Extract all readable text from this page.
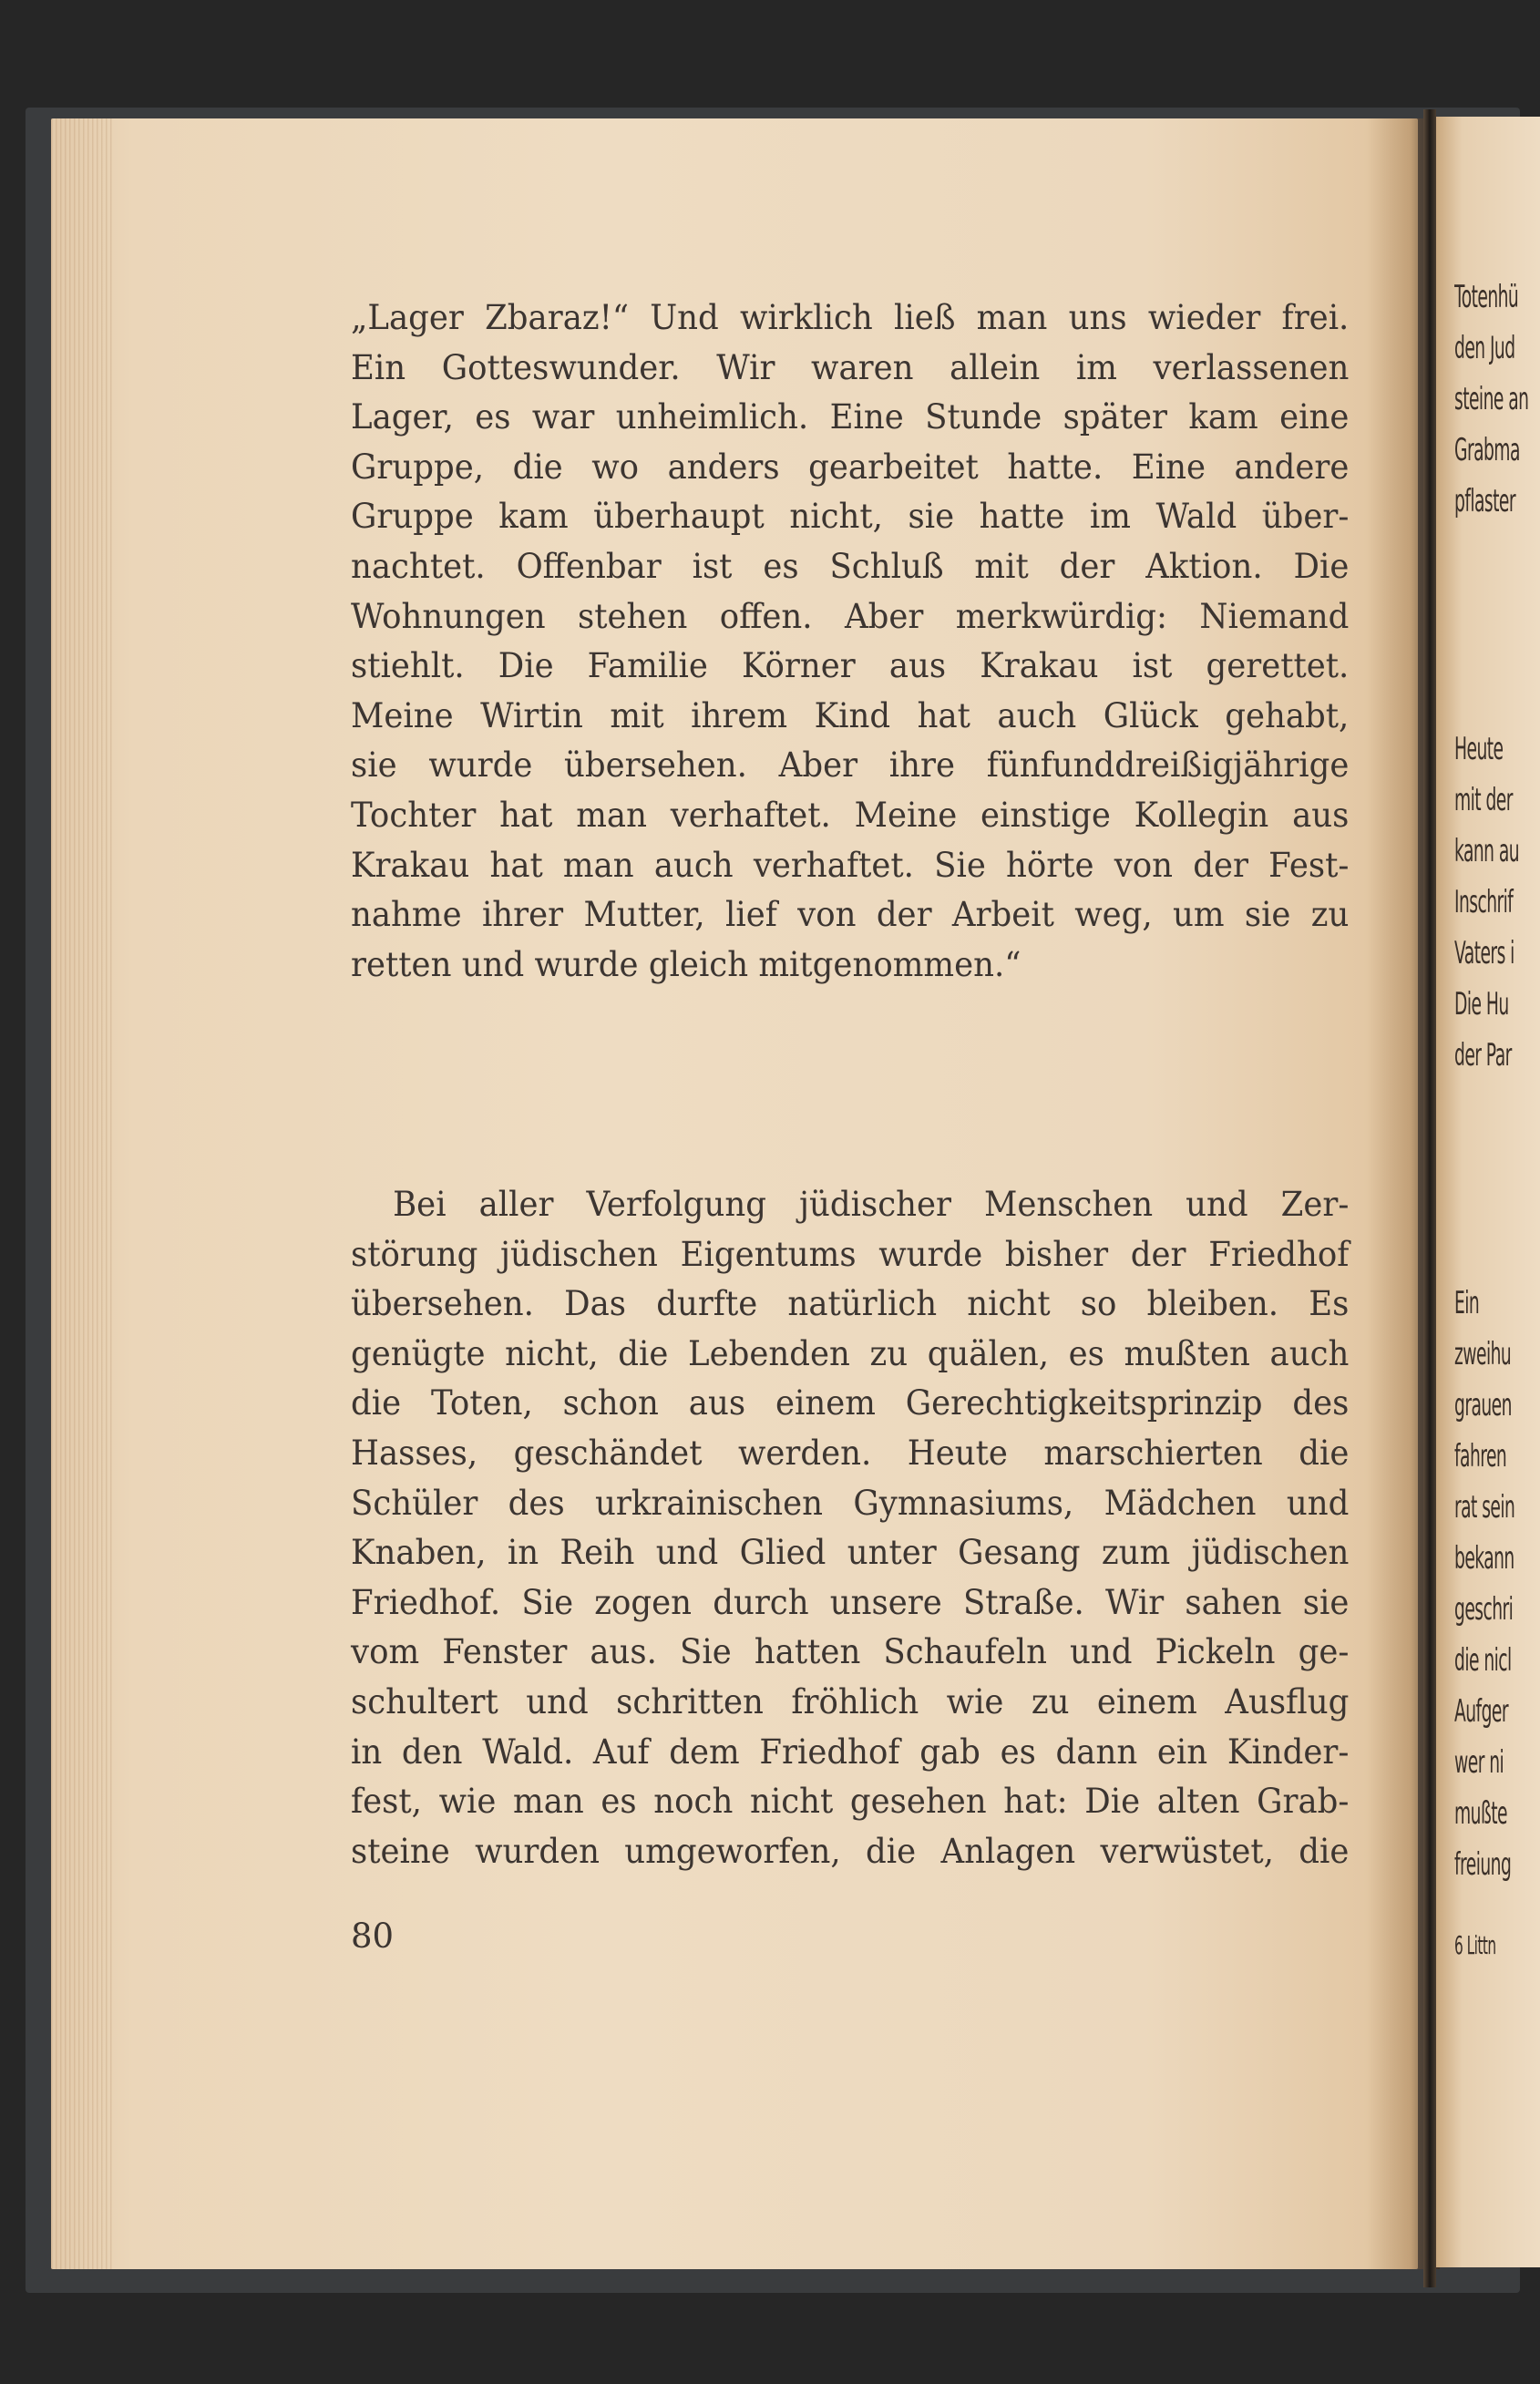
„Lager Zbaraz!“ Und wirklich ließ man uns wieder frei.
Ein Gotteswunder. Wir waren allein im verlassenen
Lager, es war unheimlich. Eine Stunde später kam eine
Gruppe, die wo anders gearbeitet hatte. Eine andere
Gruppe kam überhaupt nicht, sie hatte im Wald über-
nachtet. Offenbar ist es Schluß mit der Aktion. Die
Wohnungen stehen offen. Aber merkwürdig: Niemand
stiehlt. Die Familie Körner aus Krakau ist gerettet.
Meine Wirtin mit ihrem Kind hat auch Glück gehabt,
sie wurde übersehen. Aber ihre fünfunddreißigjährige
Tochter hat man verhaftet. Meine einstige Kollegin aus
Krakau hat man auch verhaftet. Sie hörte von der Fest-
nahme ihrer Mutter, lief von der Arbeit weg, um sie zu
retten und wurde gleich mitgenommen.“
Bei aller Verfolgung jüdischer Menschen und Zer-
störung jüdischen Eigentums wurde bisher der Friedhof
übersehen. Das durfte natürlich nicht so bleiben. Es
genügte nicht, die Lebenden zu quälen, es mußten auch
die Toten, schon aus einem Gerechtigkeitsprinzip des
Hasses, geschändet werden. Heute marschierten die
Schüler des urkrainischen Gymnasiums, Mädchen und
Knaben, in Reih und Glied unter Gesang zum jüdischen
Friedhof. Sie zogen durch unsere Straße. Wir sahen sie
vom Fenster aus. Sie hatten Schaufeln und Pickeln ge-
schultert und schritten fröhlich wie zu einem Ausflug
in den Wald. Auf dem Friedhof gab es dann ein Kinder-
fest, wie man es noch nicht gesehen hat: Die alten Grab-
steine wurden umgeworfen, die Anlagen verwüstet, die
80
Totenhü
den Jud
steine an
Grabma
pflaster
Heute
mit der
kann au
Inschrif
Vaters i
Die Hu
der Par
Ein
zweihu
grauen
fahren
rat sein
bekann
geschri
die nicl
Aufger
wer ni
mußte
freiung
6 Littn
